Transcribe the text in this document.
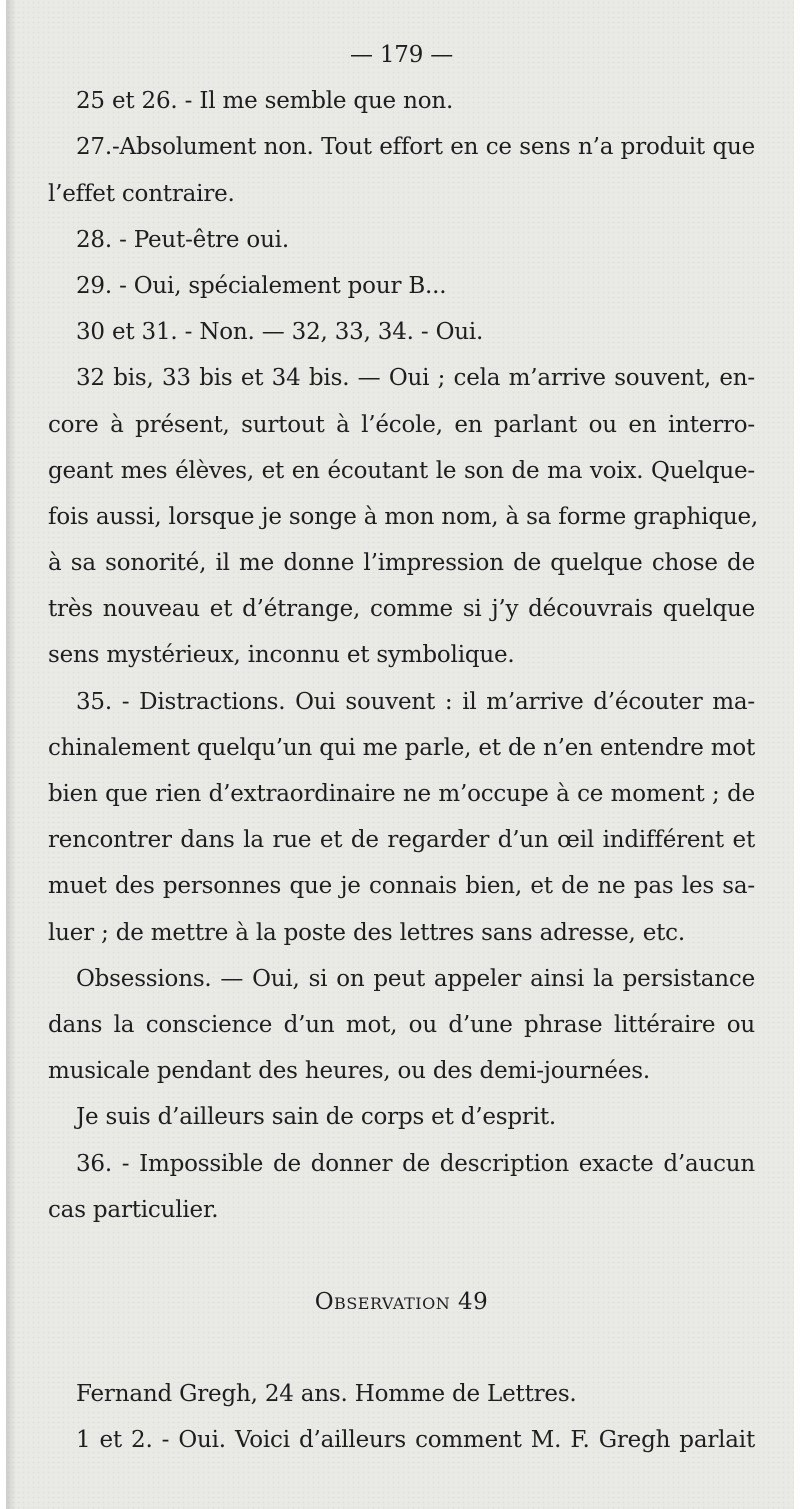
— 179 —
25 et 26. - Il me semble que non.
27.-Absolument non. Tout effort en ce sens n’a produit que
l’effet contraire.
28. - Peut-être oui.
29. - Oui, spécialement pour B...
30 et 31. - Non. — 32, 33, 34. - Oui.
32 bis, 33 bis et 34 bis. — Oui ; cela m’arrive souvent, en-
core à présent, surtout à l’école, en parlant ou en interro-
geant mes élèves, et en écoutant le son de ma voix. Quelque-
fois aussi, lorsque je songe à mon nom, à sa forme graphique,
à sa sonorité, il me donne l’impression de quelque chose de
très nouveau et d’étrange, comme si j’y découvrais quelque
sens mystérieux, inconnu et symbolique.
35. - Distractions. Oui souvent : il m’arrive d’écouter ma-
chinalement quelqu’un qui me parle, et de n’en entendre mot
bien que rien d’extraordinaire ne m’occupe à ce moment ; de
rencontrer dans la rue et de regarder d’un œil indifférent et
muet des personnes que je connais bien, et de ne pas les sa-
luer ; de mettre à la poste des lettres sans adresse, etc.
Obsessions. — Oui, si on peut appeler ainsi la persistance
dans la conscience d’un mot, ou d’une phrase littéraire ou
musicale pendant des heures, ou des demi-journées.
Je suis d’ailleurs sain de corps et d’esprit.
36. - Impossible de donner de description exacte d’aucun
cas particulier.
Observation 49
Fernand Gregh, 24 ans. Homme de Lettres.
1 et 2. - Oui. Voici d’ailleurs comment M. F. Gregh parlait
